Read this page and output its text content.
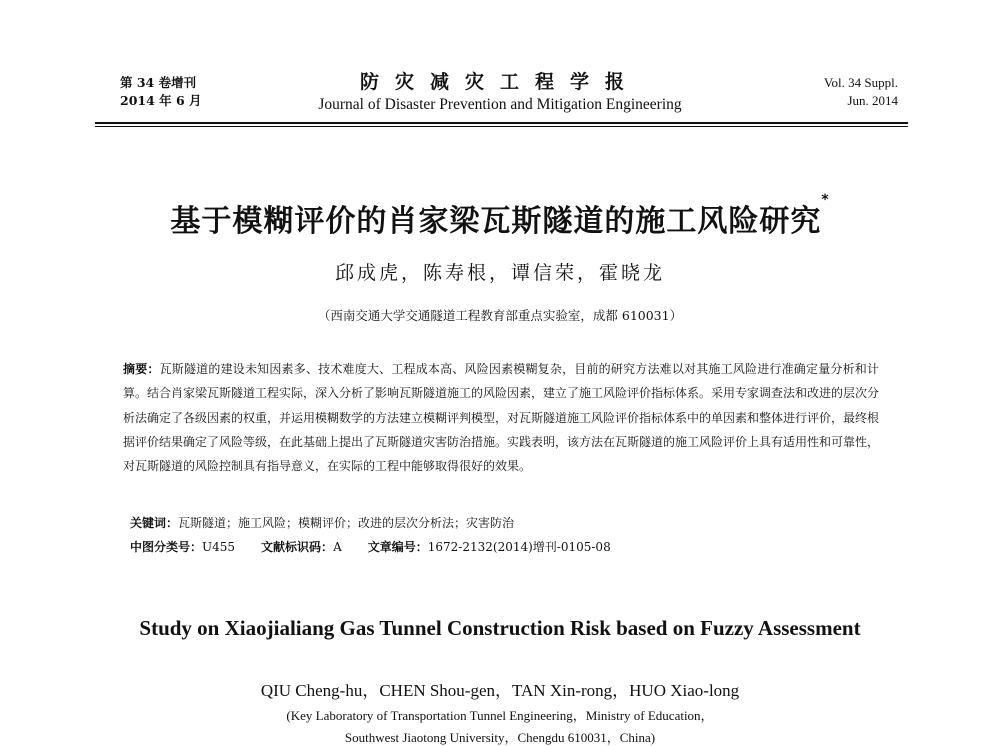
第 34 卷增刊
2014 年 6 月
防灾减灾工程学报
Journal of Disaster Prevention and Mitigation Engineering
Vol. 34 Suppl.
Jun. 2014
基于模糊评价的肖家梁瓦斯隧道的施工风险研究*
邱成虎，陈寿根，谭信荣，霍晓龙
（西南交通大学交通隧道工程教育部重点实验室，成都 610031）
摘要：瓦斯隧道的建设未知因素多、技术难度大、工程成本高、风险因素模糊复杂，目前的研究方法难以对其施工风险进行准确定量分析和计算。结合肖家梁瓦斯隧道工程实际，深入分析了影响瓦斯隧道施工的风险因素，建立了施工风险评价指标体系。采用专家调查法和改进的层次分析法确定了各级因素的权重，并运用模糊数学的方法建立模糊评判模型，对瓦斯隧道施工风险评价指标体系中的单因素和整体进行评价，最终根据评价结果确定了风险等级，在此基础上提出了瓦斯隧道灾害防治措施。实践表明，该方法在瓦斯隧道的施工风险评价上具有适用性和可靠性，对瓦斯隧道的风险控制具有指导意义，在实际的工程中能够取得很好的效果。
关键词：瓦斯隧道；施工风险；模糊评价；改进的层次分析法；灾害防治
中图分类号：U455 文献标识码：A 文章编号：1672-2132(2014)增刊-0105-08
Study on Xiaojialiang Gas Tunnel Construction Risk based on Fuzzy Assessment
QIU Cheng-hu，CHEN Shou-gen，TAN Xin-rong，HUO Xiao-long
(Key Laboratory of Transportation Tunnel Engineering，Ministry of Education，
Southwest Jiaotong University，Chengdu 610031，China)
